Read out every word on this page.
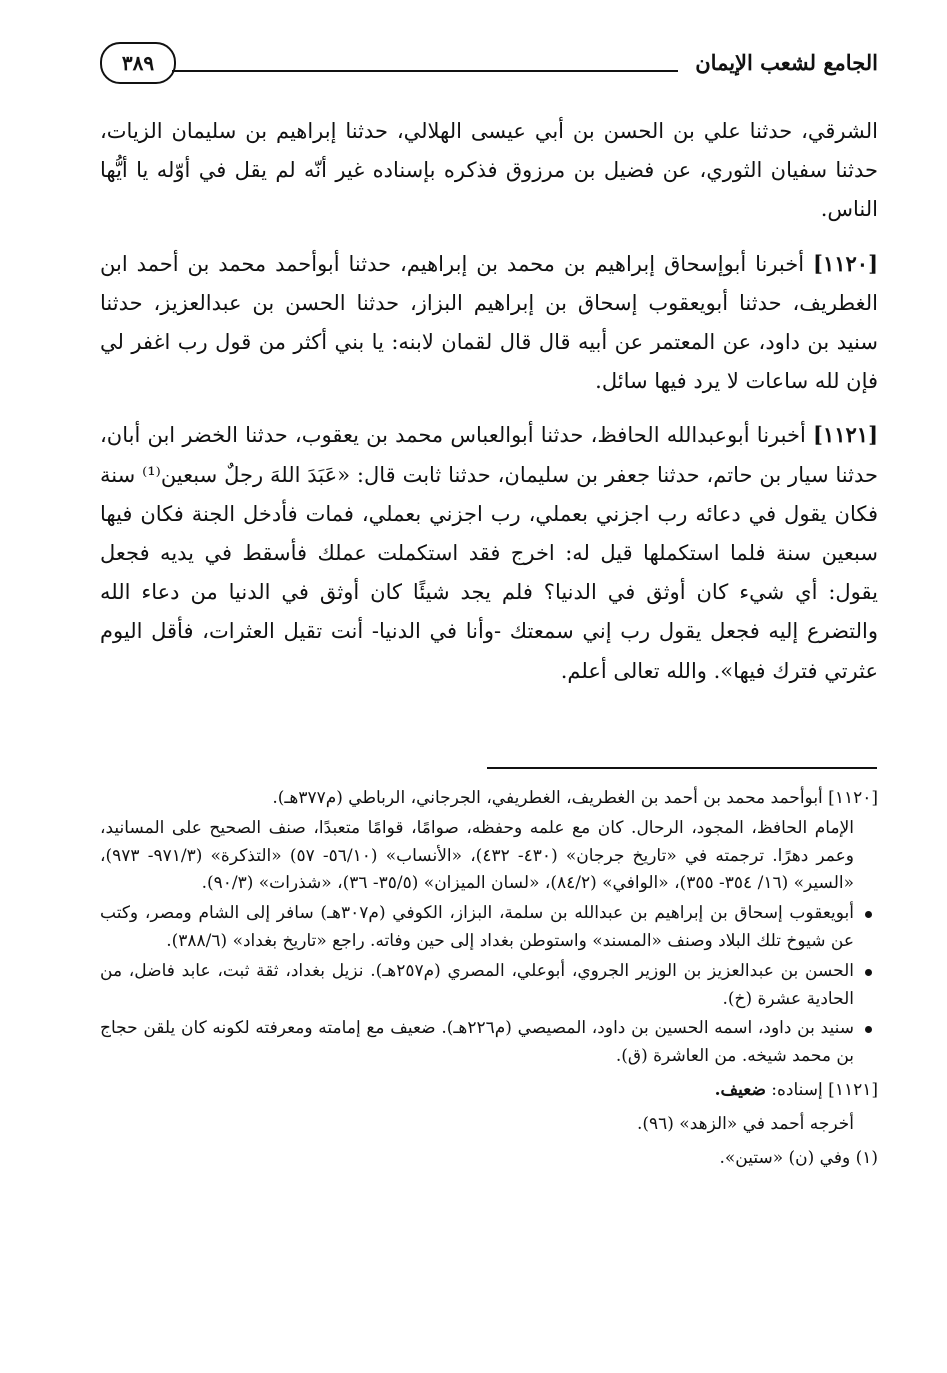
الجامع لشعب الإيمان
٣٨٩

الشرقي، حدثنا علي بن الحسن بن أبي عيسى الهلالي، حدثنا إبراهيم بن سليمان الزيات، حدثنا سفيان الثوري، عن فضيل بن مرزوق فذكره بإسناده غير أنّه لم يقل في أوّله يا أيُّها الناس.

[١١٢٠] أخبرنا أبوإسحاق إبراهيم بن محمد بن إبراهيم، حدثنا أبوأحمد محمد بن أحمد ابن الغطريف، حدثنا أبويعقوب إسحاق بن إبراهيم البزاز، حدثنا الحسن بن عبدالعزيز، حدثنا سنيد بن داود، عن المعتمر عن أبيه قال قال لقمان لابنه: يا بني أكثر من قول رب اغفر لي فإن لله ساعات لا يرد فيها سائل.

[١١٢١] أخبرنا أبوعبدالله الحافظ، حدثنا أبوالعباس محمد بن يعقوب، حدثنا الخضر ابن أبان، حدثنا سيار بن حاتم، حدثنا جعفر بن سليمان، حدثنا ثابت قال: «عَبَدَ اللهَ رجلٌ سبعين⁽¹⁾ سنة فكان يقول في دعائه رب اجزني بعملي، رب اجزني بعملي، فمات فأدخل الجنة فكان فيها سبعين سنة فلما استكملها قيل له: اخرج فقد استكملت عملك فأسقط في يديه فجعل يقول: أي شيء كان أوثق في الدنيا؟ فلم يجد شيئًا كان أوثق في الدنيا من دعاء الله والتضرع إليه فجعل يقول رب إني سمعتك -وأنا في الدنيا- أنت تقيل العثرات، فأقل اليوم عثرتي فترك فيها». والله تعالى أعلم.

[١١٢٠] أبوأحمد محمد بن أحمد بن الغطريف، الغطريفي، الجرجاني، الرباطي (م٣٧٧هـ).

الإمام الحافظ، المجود، الرحال. كان مع علمه وحفظه، صوامًا، قوامًا متعبدًا، صنف الصحيح على المسانيد، وعمر دهرًا. ترجمته في «تاريخ جرجان» (٤٣٠- ٤٣٢)، «الأنساب» (٥٦/١٠- ٥٧) «التذكرة» (٩٧١/٣- ٩٧٣)، «السير» (١٦/ ٣٥٤- ٣٥٥)، «الوافي» (٨٤/٢)، «لسان الميزان» (٣٥/٥- ٣٦)، «شذرات» (٩٠/٣).

أبويعقوب إسحاق بن إبراهيم بن عبدالله بن سلمة، البزاز، الكوفي (م٣٠٧هـ) سافر إلى الشام ومصر، وكتب عن شيوخ تلك البلاد وصنف «المسند» واستوطن بغداد إلى حين وفاته. راجع «تاريخ بغداد» (٣٨٨/٦).

الحسن بن عبدالعزيز بن الوزير الجروي، أبوعلي، المصري (م٢٥٧هـ). نزيل بغداد، ثقة ثبت، عابد فاضل، من الحادية عشرة (خ).

سنيد بن داود، اسمه الحسين بن داود، المصيصي (م٢٢٦هـ). ضعيف مع إمامته ومعرفته لكونه كان يلقن حجاج بن محمد شيخه. من العاشرة (ق).

[١١٢١] إسناده: ضعيف.

أخرجه أحمد في «الزهد» (٩٦).

(١) وفي (ن) «ستين».
